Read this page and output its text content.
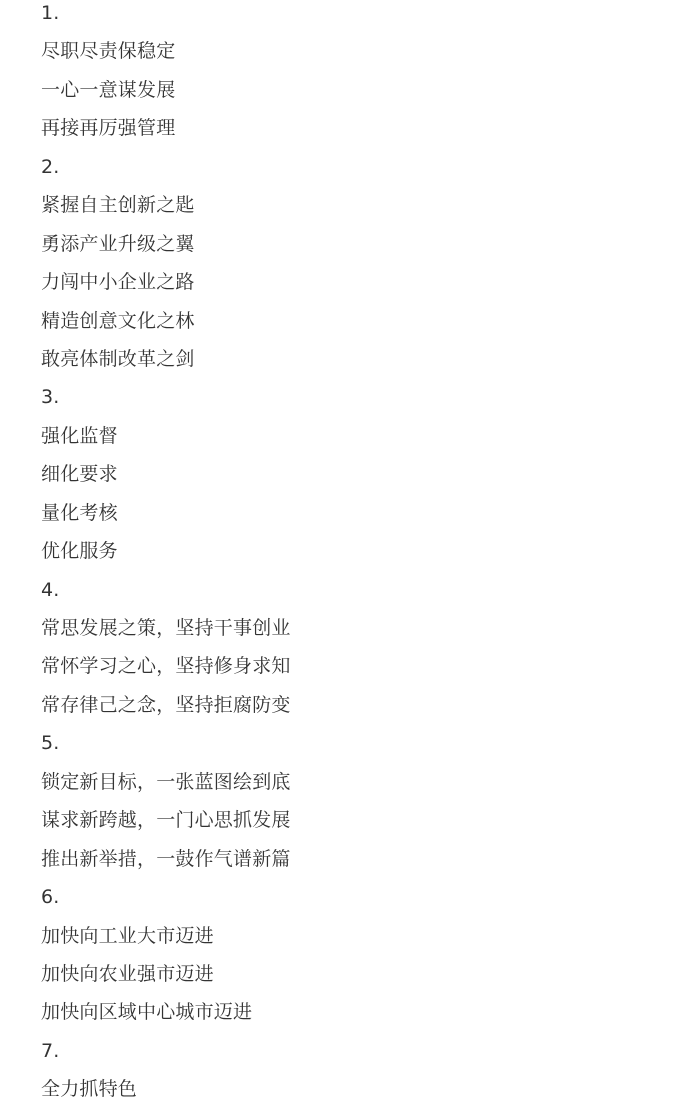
1.
尽职尽责保稳定
一心一意谋发展
再接再厉强管理
2.
紧握自主创新之匙
勇添产业升级之翼
力闯中小企业之路
精造创意文化之林
敢亮体制改革之剑
3.
强化监督
细化要求
量化考核
优化服务
4.
常思发展之策，坚持干事创业
常怀学习之心，坚持修身求知
常存律己之念，坚持拒腐防变
5.
锁定新目标，一张蓝图绘到底
谋求新跨越，一门心思抓发展
推出新举措，一鼓作气谱新篇
6.
加快向工业大市迈进
加快向农业强市迈进
加快向区域中心城市迈进
7.
全力抓特色
